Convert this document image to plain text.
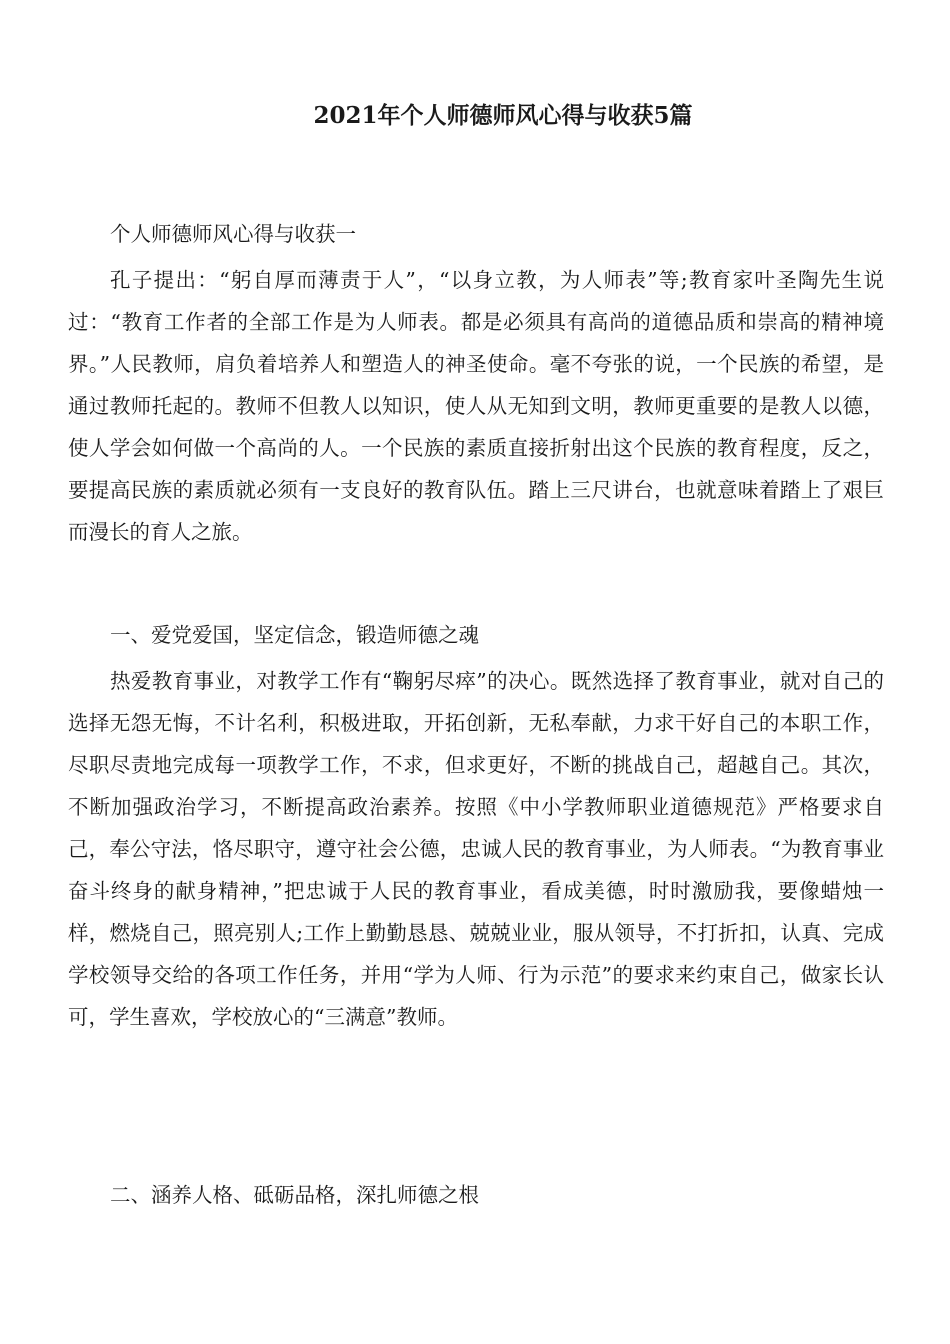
2021年个人师德师风心得与收获5篇

个人师德师风心得与收获一

孔子提出：“躬自厚而薄责于人”，“以身立教，为人师表”等;教育家叶圣陶先生说过：“教育工作者的全部工作是为人师表。都是必须具有高尚的道德品质和崇高的精神境界。”人民教师，肩负着培养人和塑造人的神圣使命。毫不夸张的说，一个民族的希望，是通过教师托起的。教师不但教人以知识，使人从无知到文明，教师更重要的是教人以德，使人学会如何做一个高尚的人。一个民族的素质直接折射出这个民族的教育程度，反之，要提高民族的素质就必须有一支良好的教育队伍。踏上三尺讲台，也就意味着踏上了艰巨而漫长的育人之旅。

一、爱党爱国，坚定信念，锻造师德之魂

热爱教育事业，对教学工作有“鞠躬尽瘁”的决心。既然选择了教育事业，就对自己的选择无怨无悔，不计名利，积极进取，开拓创新，无私奉献，力求干好自己的本职工作，尽职尽责地完成每一项教学工作，不求，但求更好，不断的挑战自己，超越自己。其次，不断加强政治学习，不断提高政治素养。按照《中小学教师职业道德规范》严格要求自己，奉公守法，恪尽职守，遵守社会公德，忠诚人民的教育事业，为人师表。“为教育事业奋斗终身的献身精神，”把忠诚于人民的教育事业，看成美德，时时激励我，要像蜡烛一样，燃烧自己，照亮别人;工作上勤勤恳恳、兢兢业业，服从领导，不打折扣，认真、完成学校领导交给的各项工作任务，并用“学为人师、行为示范”的要求来约束自己，做家长认可，学生喜欢，学校放心的“三满意”教师。

二、涵养人格、砥砺品格，深扎师德之根
